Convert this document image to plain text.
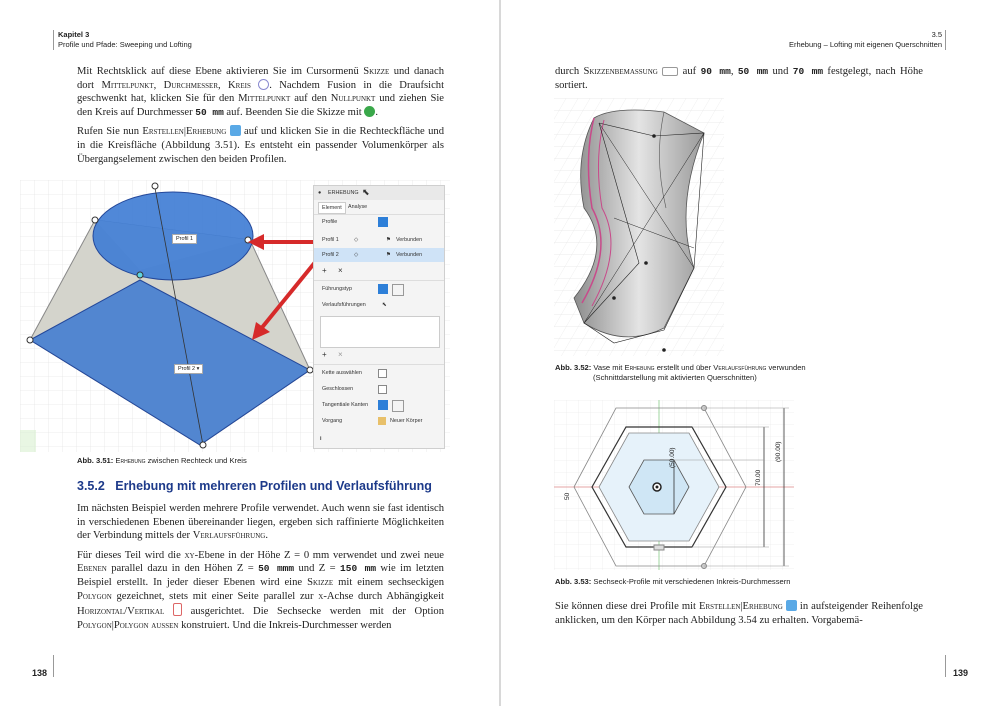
Kapitel 3
Profile und Pfade: Sweeping und Lofting

Mit Rechtsklick auf diese Ebene aktivieren Sie im Cursormenü Skizze und danach dort Mittelpunkt, Durchmesser, Kreis . Nachdem Fusion in die Draufsicht geschwenkt hat, klicken Sie für den Mittelpunkt auf den Nullpunkt und ziehen Sie den Kreis auf Durchmesser 50 mm auf. Beenden Sie die Skizze mit .

Rufen Sie nun Erstellen|Erhebung  auf und klicken Sie in die Rechteckfläche und in die Kreisfläche (Abbildung 3.51). Es entsteht ein passender Volumenkörper als Übergangselement zwischen den beiden Profilen.

Profil 1
Profil 2 ▾
● ERHEBUNG ⬉
Element	Analyse
Profile
Profil 1	◇	⚑ Verbunden
Profil 2	◇	⚑ Verbunden
+ ×
Führungstyp
Verlaufsführungen	⬉
+ ×
Kette auswählen
Geschlossen
Tangentiale Kanten
Vorgang	Neuer Körper
i
Abb. 3.51: Erhebung zwischen Rechteck und Kreis
3.5.2 Erhebung mit mehreren Profilen und Verlaufsführung

Im nächsten Beispiel werden mehrere Profile verwendet. Auch wenn sie fast identisch in verschiedenen Ebenen übereinander liegen, ergeben sich raffinierte Möglichkeiten der Verbindung mittels der Verlaufsführung.

Für dieses Teil wird die xy-Ebene in der Höhe Z = 0 mm verwendet und zwei neue Ebenen parallel dazu in den Höhen Z = 50 mmm und Z = 150 mm wie im letzten Beispiel erstellt. In jeder dieser Ebenen wird eine Skizze mit einem sechseckigen Polygon gezeichnet, stets mit einer Seite parallel zur x-Achse durch Abhängigkeit Horizontal/Vertikal  ausgerichtet. Die Sechsecke werden mit der Option Polygon|Polygon außen konstruiert. Und die Inkreis-Durchmesser werden

138
3.5
Erhebung – Lofting mit eigenen Querschnitten

durch Skizzenbemaßung  auf 90 mm, 50 mm und 70 mm festgelegt, nach Höhe sortiert.

Abb. 3.52: Vase mit Erhebung erstellt und über Verlaufsführung verwunden
(Schnittdarstellung mit aktivierten Querschnitten)
(50.00)
70.00
(90.00)
50
Abb. 3.53: Sechseck-Profile mit verschiedenen Inkreis-Durchmessern

Sie können diese drei Profile mit Erstellen|Erhebung  in aufsteigender Reihenfolge anklicken, um den Körper nach Abbildung 3.54 zu erhalten. Vorgabemä-

139
